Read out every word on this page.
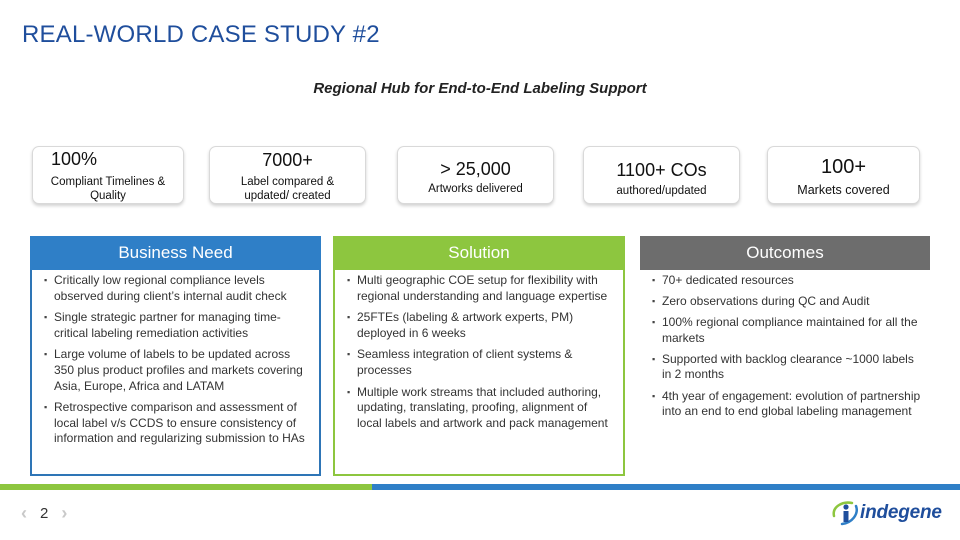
REAL-WORLD CASE STUDY #2
Regional Hub for End-to-End Labeling Support
100%
Compliant Timelines & Quality
7000+
Label compared & updated/ created
> 25,000
Artworks delivered
1100+ COs
authored/updated
100+
Markets covered
Business Need
▪ Critically low regional compliance levels observed during client’s internal audit check
▪ Single strategic partner for managing time-critical labeling remediation activities
▪ Large volume of labels to be updated across 350 plus product profiles and markets covering Asia, Europe, Africa and LATAM
▪ Retrospective comparison and assessment of local label v/s CCDS to ensure consistency of information and regularizing submission to HAs
Solution
▪ Multi geographic COE setup for flexibility with regional understanding and language expertise
▪ 25FTEs (labeling & artwork experts, PM) deployed in 6 weeks
▪ Seamless integration of client systems & processes
▪ Multiple work streams that included authoring, updating, translating, proofing, alignment of local labels and artwork and pack management
Outcomes
▪ 70+ dedicated resources
▪ Zero observations during QC and Audit
▪ 100% regional compliance maintained for all the markets
▪ Supported with backlog clearance ~1000 labels in 2 months
▪ 4th year of engagement: evolution of partnership into an end to end global labeling management
‹ 2 ›	indegene
